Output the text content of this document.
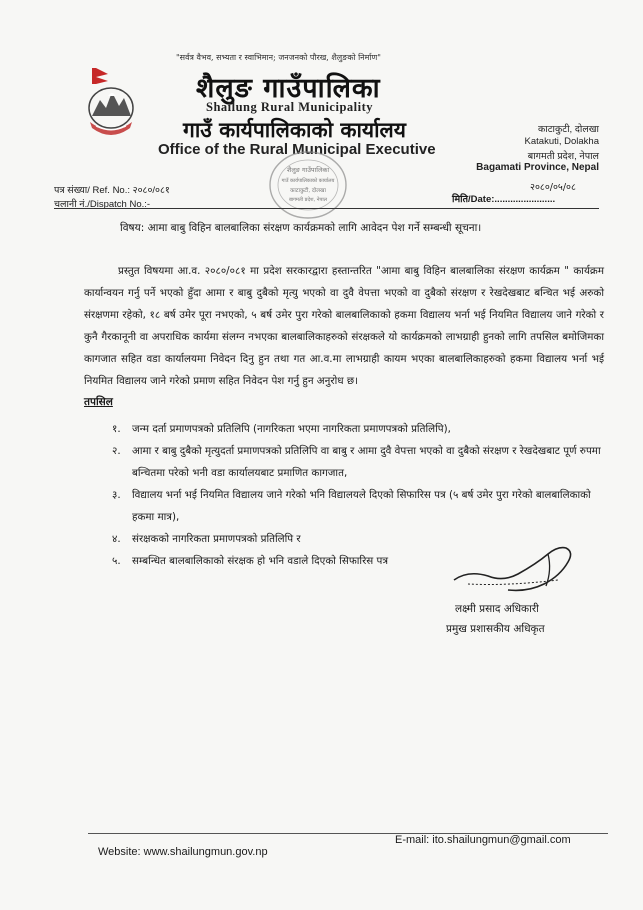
"सर्वत्र वैभव, सभ्यता र स्वाभिमान; जनजनको पौरख, शैलुङको निर्माण"
शैलुङ गाउँपालिका
Shailung Rural Municipality
गाउँ कार्यपालिकाको कार्यालय
Office of the Rural Municipal Executive
काटाकुटी, दोलखा
Katakuti, Dolakha
बागमती प्रदेश, नेपाल
Bagamati Province, Nepal
शैलुङ गाउँपालिका
गाउँ कार्यपालिकाको कार्यालय
काटाकुटी, दोलखा
बागमती प्रदेश, नेपाल
पत्र संख्या/ Ref. No.: २०८०/०८१
चलानी नं./Dispatch No.:-
२०८०/०५/०८
मिति/Date:.......................
विषय: आमा बाबु विहिन बालबालिका संरक्षण कार्यक्रमको लागि आवेदन पेश गर्ने सम्बन्धी सूचना।

प्रस्तुत विषयमा आ.व. २०८०/०८१ मा प्रदेश सरकारद्वारा हस्तान्तरित "आमा बाबु विहिन बालबालिका संरक्षण कार्यक्रम " कार्यक्रम कार्यान्वयन गर्नु पर्ने भएको हुँदा आमा र बाबु दुबैको मृत्यु भएको वा दुवै वेपत्ता भएको वा दुबैको संरक्षण र रेखदेखबाट बन्चित भई अरुको संरक्षणमा रहेको, १८ बर्ष उमेर पूरा नभएको, ५ बर्ष उमेर पुरा गरेको बालबालिकाको हकमा विद्यालय भर्ना भई नियमित विद्यालय जाने गरेको र कुनै गैरकानूनी वा अपराधिक कार्यमा संलग्न नभएका बालबालिकाहरुको संरक्षकले यो कार्यक्रमको लाभग्राही हुनको लागि तपसिल बमोजिमका कागजात सहित वडा कार्यालयमा निवेदन दिनु हुन तथा गत आ.व.मा लाभग्राही कायम भएका बालबालिकाहरुको हकमा विद्यालय भर्ना भई नियमित विद्यालय जाने गरेको प्रमाण सहित निवेदन पेश गर्नु हुन अनुरोध छ।

तपसिल
१. जन्म दर्ता प्रमाणपत्रको प्रतिलिपि (नागरिकता भएमा नागरिकता प्रमाणपत्रको प्रतिलिपि),
२. आमा र बाबु दुबैको मृत्युदर्ता प्रमाणपत्रको प्रतिलिपि वा बाबु र आमा दुवै वेपत्ता भएको वा दुबैको संरक्षण र रेखदेखबाट पूर्ण रुपमा बन्चितमा परेको भनी वडा कार्यालयबाट प्रमाणित कागजात,
३. विद्यालय भर्ना भई नियमित विद्यालय जाने गरेको भनि विद्यालयले दिएको सिफारिस पत्र (५ बर्ष उमेर पुरा गरेको बालबालिकाको हकमा मात्र),
४. संरक्षकको नागरिकता प्रमाणपत्रको प्रतिलिपि र
५. सम्बन्धित बालबालिकाको संरक्षक हो भनि वडाले दिएको सिफारिस पत्र
लक्ष्मी प्रसाद अधिकारी
प्रमुख प्रशासकीय अधिकृत
E-mail: ito.shailungmun@gmail.com
Website: www.shailungmun.gov.np
